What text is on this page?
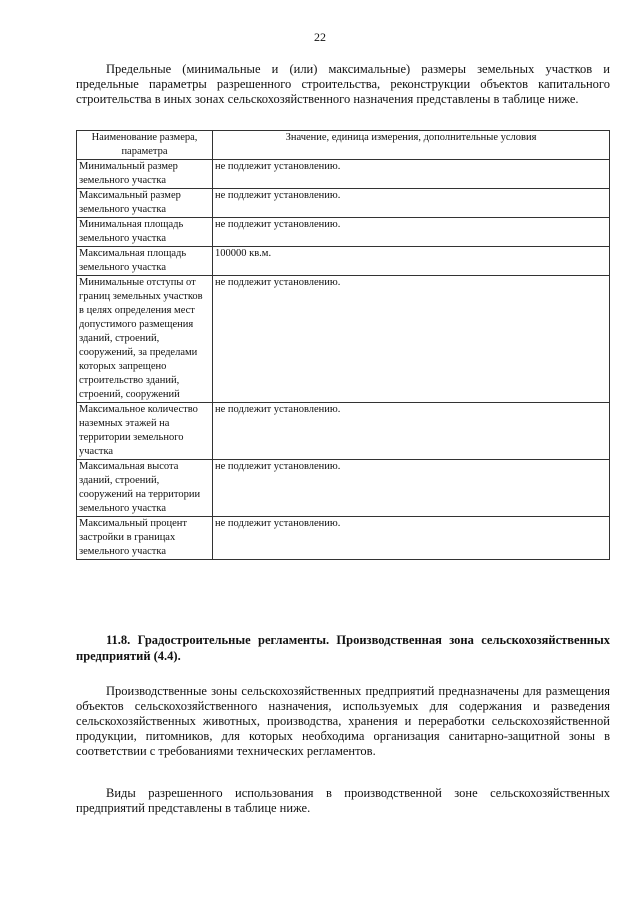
22

Предельные (минимальные и (или) максимальные) размеры земельных участков и предельные параметры разрешенного строительства, реконструкции объектов капитального строительства в иных зонах сельскохозяйственного назначения представлены в таблице ниже.

Наименование размера, параметра	Значение, единица измерения, дополнительные условия
Минимальный размер земельного участка	не подлежит установлению.
Максимальный размер земельного участка	не подлежит установлению.
Минимальная площадь земельного участка	не подлежит установлению.
Максимальная площадь земельного участка	100000 кв.м.
Минимальные отступы от границ земельных участков в целях определения мест допустимого размещения зданий, строений, сооружений, за пределами которых запрещено строительство зданий, строений, сооружений	не подлежит установлению.
Максимальное количество наземных этажей на территории земельного участка	не подлежит установлению.
Максимальная высота зданий, строений, сооружений на территории земельного участка	не подлежит установлению.
Максимальный процент застройки в границах земельного участка	не подлежит установлению.

11.8. Градостроительные регламенты. Производственная зона сельскохозяйственных предприятий (4.4).

Производственные зоны сельскохозяйственных предприятий предназначены для размещения объектов сельскохозяйственного назначения, используемых для содержания и разведения сельскохозяйственных животных, производства, хранения и переработки сельскохозяйственной продукции, питомников, для которых необходима организация санитарно-защитной зоны в соответствии с требованиями технических регламентов.

Виды разрешенного использования в производственной зоне сельскохозяйственных предприятий представлены в таблице ниже.
